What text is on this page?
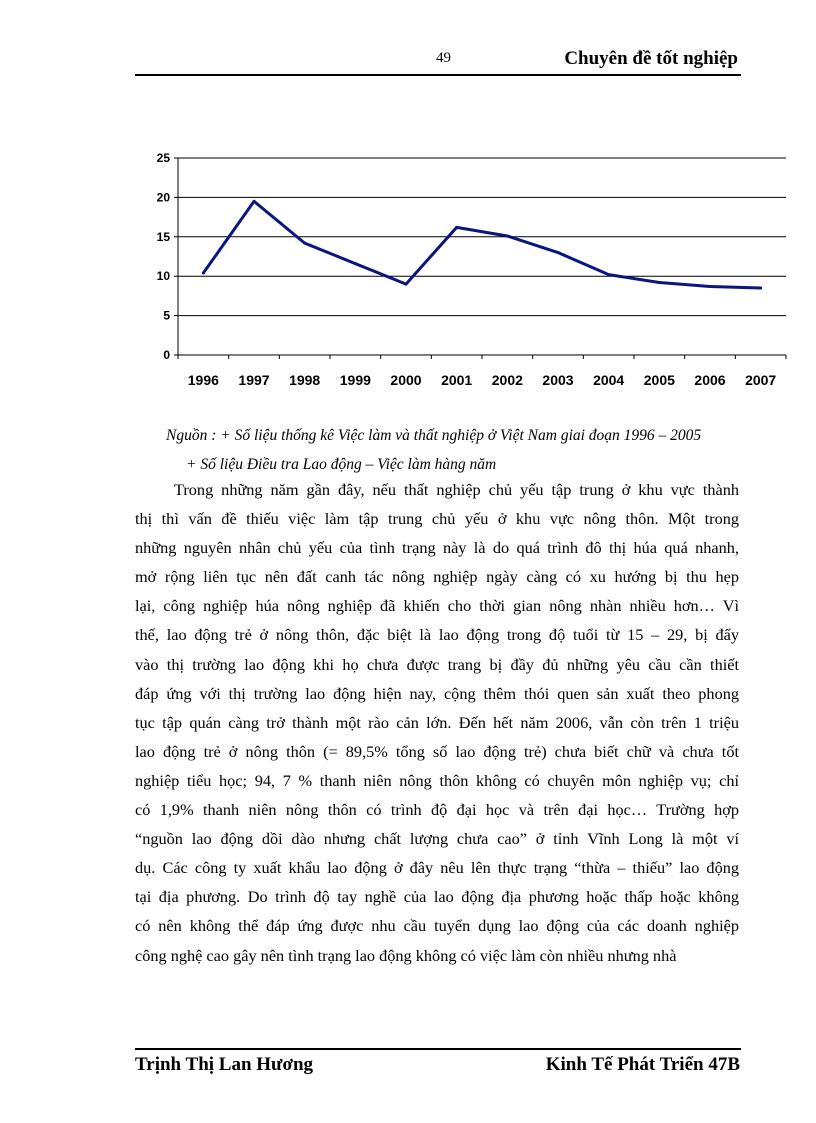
49	Chuyên đề tốt nghiệp
0
5
10
15
20
25
1996 1997 1998 1999 2000 2001 2002 2003 2004 2005 2006 2007
Nguồn : + Số liệu thống kê Việc làm và thất nghiệp ở Việt Nam giai đoạn 1996 – 2005
+ Số liệu Điều tra Lao động – Việc làm hàng năm
Trong những năm gần đây, nếu thất nghiệp chủ yếu tập trung ở khu vực thành
thị thì vấn đề thiếu việc làm tập trung chủ yếu ở khu vực nông thôn. Một trong
những nguyên nhân chủ yếu của tình trạng này là do quá trình đô thị húa quá nhanh,
mở rộng liên tục nên đất canh tác nông nghiệp ngày càng có xu hướng bị thu hẹp
lại, công nghiệp húa nông nghiệp đã khiến cho thời gian nông nhàn nhiều hơn… Vì
thế, lao động trẻ ở nông thôn, đặc biệt là lao động trong độ tuổi từ 15 – 29, bị đẩy
vào thị trường lao động khi họ chưa được trang bị đầy đủ những yêu cầu cần thiết
đáp ứng với thị trường lao động hiện nay, cộng thêm thói quen sản xuất theo phong
tục tập quán càng trở thành một rào cản lớn. Đến hết năm 2006, vẫn còn trên 1 triệu
lao động trẻ ở nông thôn (= 89,5% tổng số lao động trẻ) chưa biết chữ và chưa tốt
nghiệp tiểu học; 94, 7 % thanh niên nông thôn không có chuyên môn nghiệp vụ; chỉ
có 1,9% thanh niên nông thôn có trình độ đại học và trên đại học… Trường hợp
“nguồn lao động dồi dào nhưng chất lượng chưa cao” ở tỉnh Vĩnh Long là một ví
dụ. Các công ty xuất khẩu lao động ở đây nêu lên thực trạng “thừa – thiếu” lao động
tại địa phương. Do trình độ tay nghề của lao động địa phương hoặc thấp hoặc không
có nên không thể đáp ứng được nhu cầu tuyển dụng lao động của các doanh nghiệp
công nghệ cao gây nên tình trạng lao động không có việc làm còn nhiều nhưng nhà
Trịnh Thị Lan Hương	Kinh Tế Phát Triển 47B
